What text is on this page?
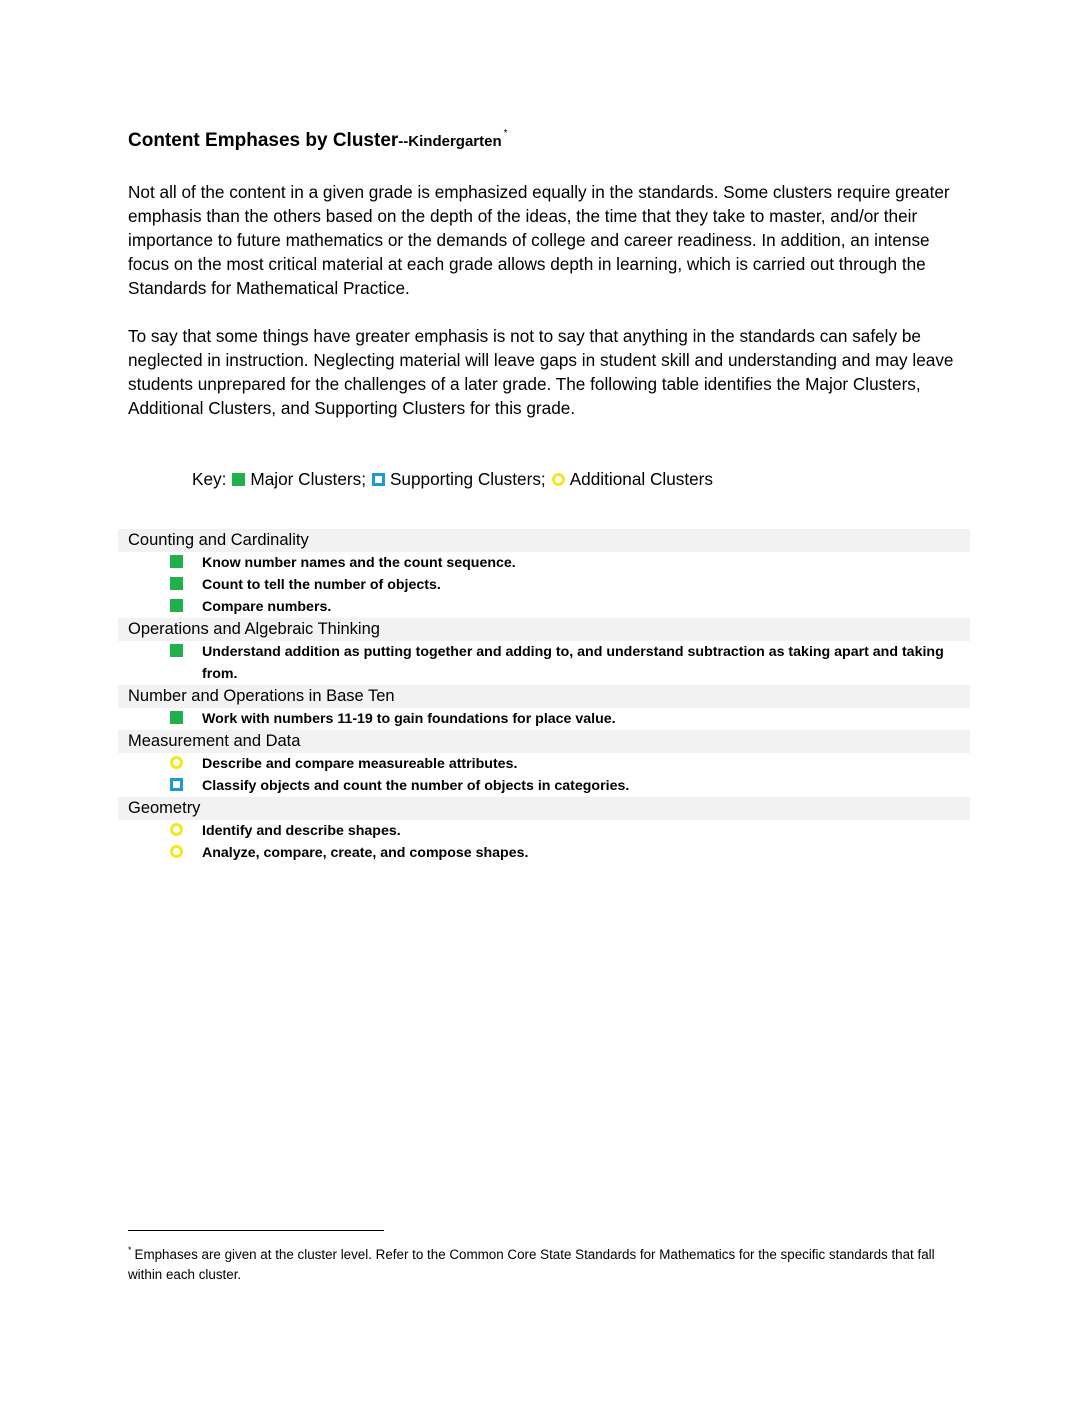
Content Emphases by Cluster--Kindergarten *

Not all of the content in a given grade is emphasized equally in the standards. Some clusters require greater emphasis than the others based on the depth of the ideas, the time that they take to master, and/or their importance to future mathematics or the demands of college and career readiness. In addition, an intense focus on the most critical material at each grade allows depth in learning, which is carried out through the Standards for Mathematical Practice.

To say that some things have greater emphasis is not to say that anything in the standards can safely be neglected in instruction. Neglecting material will leave gaps in student skill and understanding and may leave students unprepared for the challenges of a later grade. The following table identifies the Major Clusters, Additional Clusters, and Supporting Clusters for this grade.

Key: Major Clusters; Supporting Clusters; Additional Clusters
Counting and Cardinality
Know number names and the count sequence.
Count to tell the number of objects.
Compare numbers.
Operations and Algebraic Thinking
Understand addition as putting together and adding to, and understand subtraction as taking apart and taking from.
Number and Operations in Base Ten
Work with numbers 11-19 to gain foundations for place value.
Measurement and Data
Describe and compare measureable attributes.
Classify objects and count the number of objects in categories.
Geometry
Identify and describe shapes.
Analyze, compare, create, and compose shapes.

* Emphases are given at the cluster level. Refer to the Common Core State Standards for Mathematics for the specific standards that fall within each cluster.
